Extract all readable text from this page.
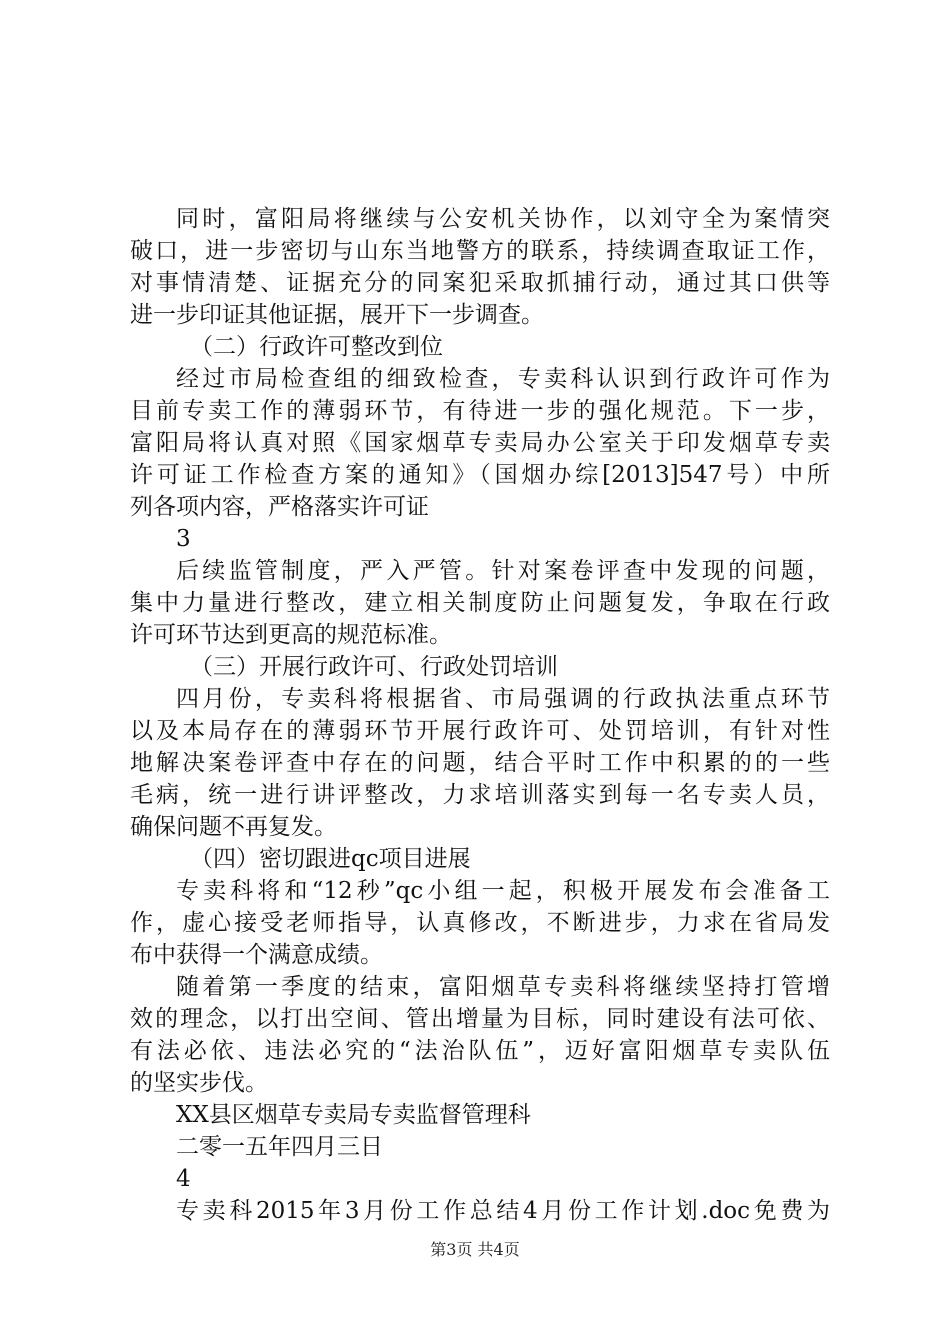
同时，富阳局将继续与公安机关协作，以刘守全为案情突
破口，进一步密切与山东当地警方的联系，持续调查取证工作，
对事情清楚、证据充分的同案犯采取抓捕行动，通过其口供等
进一步印证其他证据，展开下一步调查。
（二）行政许可整改到位
经过市局检查组的细致检查，专卖科认识到行政许可作为
目前专卖工作的薄弱环节，有待进一步的强化规范。下一步，
富阳局将认真对照《国家烟草专卖局办公室关于印发烟草专卖
许可证工作检查方案的通知》（国烟办综[2013]547号）中所
列各项内容，严格落实许可证
3
后续监管制度，严入严管。针对案卷评查中发现的问题，
集中力量进行整改，建立相关制度防止问题复发，争取在行政
许可环节达到更高的规范标准。
（三）开展行政许可、行政处罚培训
四月份，专卖科将根据省、市局强调的行政执法重点环节
以及本局存在的薄弱环节开展行政许可、处罚培训，有针对性
地解决案卷评查中存在的问题，结合平时工作中积累的的一些
毛病，统一进行讲评整改，力求培训落实到每一名专卖人员，
确保问题不再复发。
（四）密切跟进qc项目进展
专卖科将和“12秒”qc小组一起，积极开展发布会准备工
作，虚心接受老师指导，认真修改，不断进步，力求在省局发
布中获得一个满意成绩。
随着第一季度的结束，富阳烟草专卖科将继续坚持打管增
效的理念，以打出空间、管出增量为目标，同时建设有法可依、
有法必依、违法必究的“法治队伍”，迈好富阳烟草专卖队伍
的坚实步伐。
XX县区烟草专卖局专卖监督管理科
二零一五年四月三日
4
专卖科2015年3月份工作总结4月份工作计划.doc免费为
第3页 共4页
